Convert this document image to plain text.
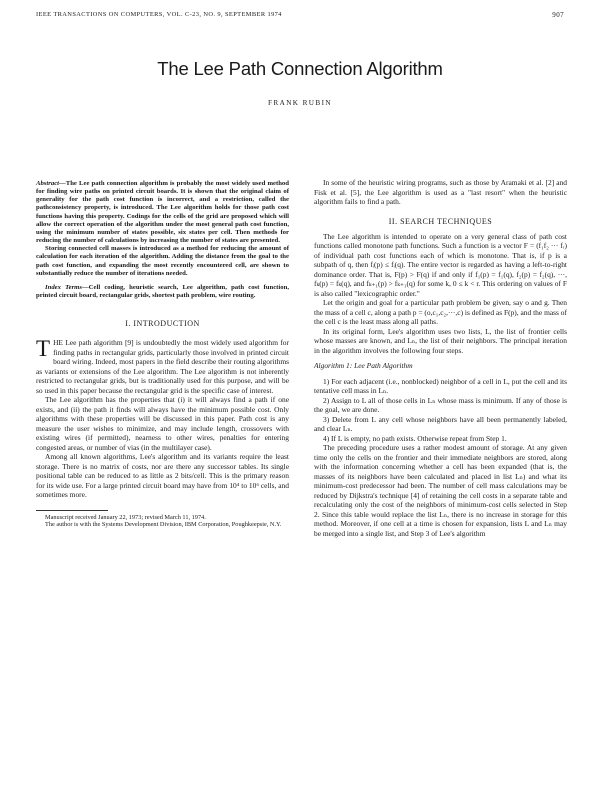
IEEE TRANSACTIONS ON COMPUTERS, VOL. C-23, NO. 9, SEPTEMBER 1974	907
The Lee Path Connection Algorithm
FRANK RUBIN

Abstract—The Lee path connection algorithm is probably the most widely used method for finding wire paths on printed circuit boards. It is shown that the original claim of generality for the path cost function is incorrect, and a restriction, called the pathconsistency property, is introduced. The Lee algorithm holds for those path cost functions having this property. Codings for the cells of the grid are proposed which will allow the correct operation of the algorithm under the most general path cost function, using the minimum number of states possible, six states per cell. Then methods for reducing the number of calculations by increasing the number of states are presented.

Storing connected cell masses is introduced as a method for reducing the amount of calculation for each iteration of the algorithm. Adding the distance from the goal to the path cost function, and expanding the most recently encountered cell, are shown to substantially reduce the number of iterations needed.

Index Terms—Cell coding, heuristic search, Lee algorithm, path cost function, printed circuit board, rectangular grids, shortest path problem, wire routing.

I. INTRODUCTION

THE Lee path algorithm [9] is undoubtedly the most widely used algorithm for finding paths in rectangular grids, particularly those involved in printed circuit board wiring. Indeed, most papers in the field describe their routing algorithms as variants or extensions of the Lee algorithm. The Lee algorithm is not inherently restricted to rectangular grids, but is traditionally used for this purpose, and will be so used in this paper because the rectangular grid is the specific case of interest.

The Lee algorithm has the properties that (i) it will always find a path if one exists, and (ii) the path it finds will always have the minimum possible cost. Only algorithms with these properties will be discussed in this paper. Path cost is any measure the user wishes to minimize, and may include length, crossovers with existing wires (if permitted), nearness to other wires, penalties for entering congested areas, or number of vias (in the multilayer case).

Among all known algorithms, Lee's algorithm and its variants require the least storage. There is no matrix of costs, nor are there any successor tables. Its single positional table can be reduced to as little as 2 bits/cell. This is the primary reason for its wide use. For a large printed circuit board may have from 10⁴ to 10⁶ cells, and sometimes more.

Manuscript received January 22, 1973; revised March 11, 1974.

The author is with the Systems Development Division, IBM Corporation, Poughkeepsie, N.Y.

In some of the heuristic wiring programs, such as those by Aramaki et al. [2] and Fisk et al. [5], the Lee algorithm is used as a "last resort" when the heuristic algorithm fails to find a path.

II. SEARCH TECHNIQUES

The Lee algorithm is intended to operate on a very general class of path cost functions called monotone path functions. Such a function is a vector F = (f₁f₂ ··· fᵣ) of individual path cost functions each of which is monotone. That is, if p is a subpath of q, then fᵢ(p) ≤ fᵢ(q). The entire vector is regarded as having a left-to-right dominance order. That is, F(p) > F(q) if and only if f₁(p) = f₁(q), f₂(p) = f₂(q), ···, fₖ(p) = fₖ(q), and fₖ₊₁(p) > fₖ₊₁(q) for some k, 0 ≤ k < r. This ordering on values of F is also called "lexicographic order."

Let the origin and goal for a particular path problem be given, say o and g. Then the mass of a cell c, along a path p = (o,c₁,c₂,···,c) is defined as F(p), and the mass of the cell c is the least mass along all paths.

In its original form, Lee's algorithm uses two lists, L, the list of frontier cells whose masses are known, and Lₙ, the list of their neighbors. The principal iteration in the algorithm involves the following four steps.

Algorithm 1: Lee Path Algorithm

1) For each adjacent (i.e., nonblocked) neighbor of a cell in L, put the cell and its tentative cell mass in Lₙ.

2) Assign to L all of those cells in Lₙ whose mass is minimum. If any of those is the goal, we are done.

3) Delete from L any cell whose neighbors have all been permanently labeled, and clear Lₙ.

4) If L is empty, no path exists. Otherwise repeat from Step 1.

The preceding procedure uses a rather modest amount of storage. At any given time only the cells on the frontier and their immediate neighbors are stored, along with the information concerning whether a cell has been expanded (that is, the masses of its neighbors have been calculated and placed in list Lₙ) and what its minimum-cost predecessor had been. The number of cell mass calculations may be reduced by Dijkstra's technique [4] of retaining the cell costs in a separate table and recalculating only the cost of the neighbors of minimum-cost cells selected in Step 2. Since this table would replace the list Lₙ, there is no increase in storage for this method. Moreover, if one cell at a time is chosen for expansion, lists L and Lₙ may be merged into a single list, and Step 3 of Lee's algorithm
